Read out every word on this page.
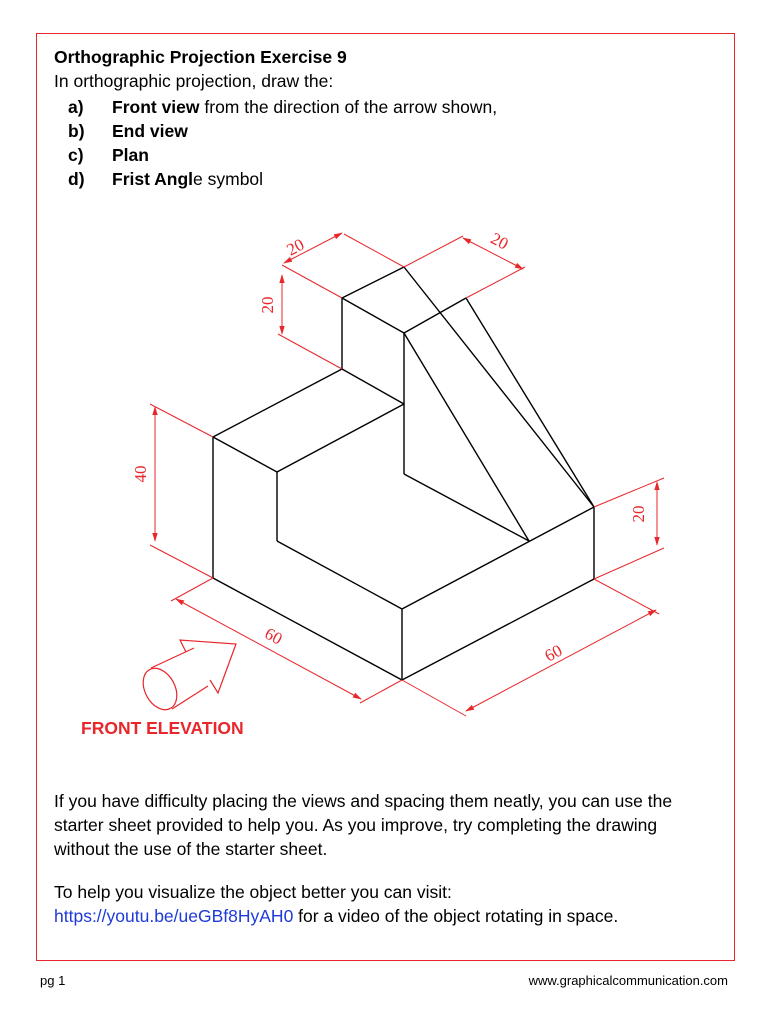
Orthographic Projection Exercise 9
In orthographic projection, draw the:
a) Front view from the direction of the arrow shown,
b) End view
c) Plan
d) Frist Angle symbol
20	20
20
40
20
60
60
FRONT ELEVATION
If you have difficulty placing the views and spacing them neatly, you can use the starter sheet provided to help you. As you improve, try completing the drawing without the use of the starter sheet.
To help you visualize the object better you can visit:
https://youtu.be/ueGBf8HyAH0 for a video of the object rotating in space.
pg 1	www.graphicalcommunication.com
